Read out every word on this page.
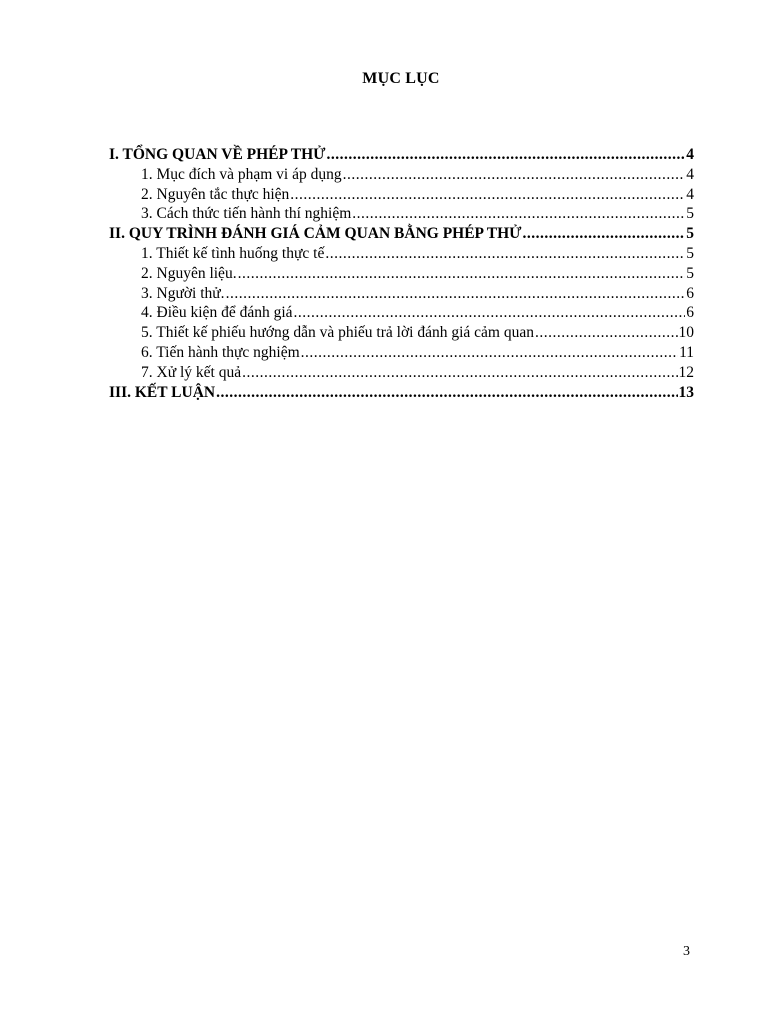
MỤC LỤC
I. TỔNG QUAN VỀ PHÉP THỬ .....	4
1. Mục đích và phạm vi áp dụng .....	4
2. Nguyên tắc thực hiện .....	4
3. Cách thức tiến hành thí nghiệm .....	5
II. QUY TRÌNH ĐÁNH GIÁ CẢM QUAN BẰNG PHÉP THỬ .....	5
1. Thiết kế tình huống thực tế .....	5
2. Nguyên liệu. .....	5
3. Người thử. .....	6
4. Điều kiện để đánh giá .....	6
5. Thiết kế phiếu hướng dẫn và phiếu trả lời đánh giá cảm quan .....	10
6. Tiến hành thực nghiệm .....	11
7. Xử lý kết quả .....	12
III. KẾT LUẬN .....	13
3
